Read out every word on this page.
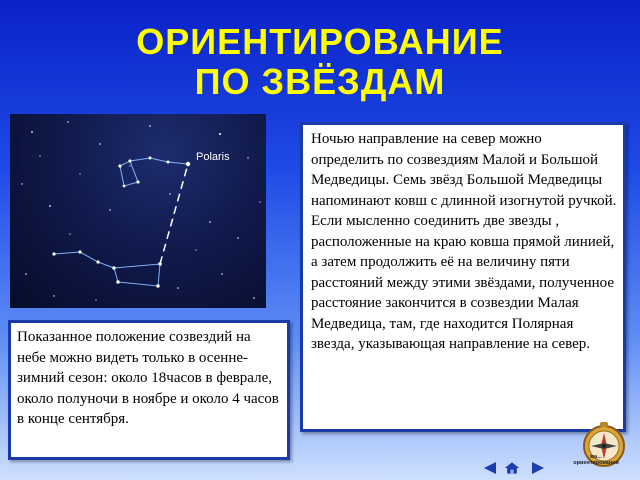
ОРИЕНТИРОВАНИЕ
ПО ЗВЁЗДАМ
Polaris
Ночью направление на север можно определить по созвездиям Малой и Большой Медведицы. Семь звёзд Большой Медведицы напоминают ковш с длинной изогнутой ручкой. Если мысленно соединить две звезды , расположенные на краю ковша прямой линией, а затем продолжить её на величину пяти расстояний между этими звёздами, полученное расстояние закончится в созвездии Малая Медведица, там, где находится Полярная звезда, указывающая направление на север.
Показанное положение созвездий на небе можно видеть только в осенне-зимний сезон: около 18часов в феврале, около полуночи в ноябре и около 4 часов в конце сентября.
ма... ориентирования
